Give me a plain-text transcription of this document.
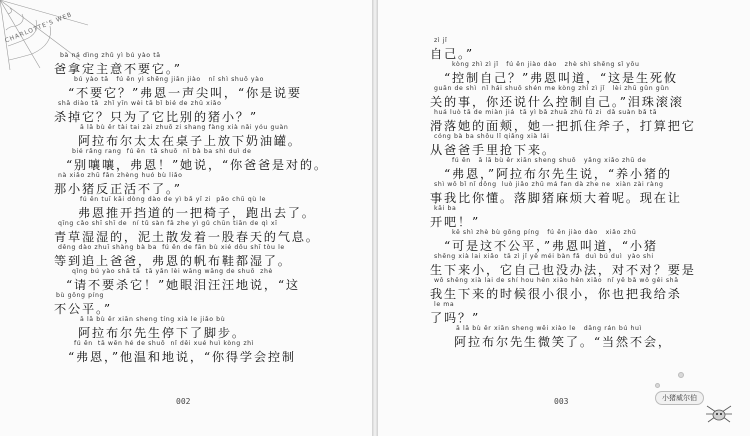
CHARLOTTE'S WEB
bà ná dìng zhǔ yì bú yào tā
爸拿定主意不要它。”
bú yào tā   fú ēn yì shēng jiān jiào   nǐ shì shuō yào
“不要它？”弗恩一声尖叫，“你是说要
shā diào tā  zhǐ yīn wèi tā bǐ bié de zhū xiǎo
杀掉它？只为了它比别的猪小？”
ā lā bù ěr tài tai zài zhuō zi shang fàng xià nǎi yóu guàn
阿拉布尔太太在桌子上放下奶油罐。
bié rǎng rang  fú ēn  tā shuō  nǐ bà ba shì duì de
“别嚷嚷，弗恩！”她说，“你爸爸是对的。
nà xiǎo zhū fǎn zhèng huó bù liǎo
那小猪反正活不了。”
fú ēn tuī kāi dòng dào de yì bǎ yǐ zi  pǎo chū qù le
弗恩推开挡道的一把椅子，跑出去了。
qīng cǎo shī shī de  ní tǔ sàn fā zhe yì gǔ chūn tiān de qì xī
青草湿湿的，泥土散发着一股春天的气息。
děng dào zhuī shàng bà ba  fú ēn de fān bù xié dōu shī tòu le
等到追上爸爸，弗恩的帆布鞋都湿了。
qǐng bú yào shā tā  tā yǎn lèi wāng wāng de shuō  zhè
“请不要杀它！”她眼泪汪汪地说，“这
bù gōng píng
不公平。”
ā lā bù ěr xiān sheng tíng xià le jiǎo bù
阿拉布尔先生停下了脚步。
fú ēn  tā wēn hé de shuō  nǐ děi xué huì kòng zhì
“弗恩，”他温和地说，“你得学会控制
002
zì jǐ
自己。”
kòng zhì zì jǐ   fú ēn jiào dào   zhè shì shēng sǐ yōu
“控制自己？”弗恩叫道，“这是生死攸
guān de shì  nǐ hái shuō shén me kòng zhì zì jǐ   lèi zhū gǔn gǔn
关的事，你还说什么控制自己。”泪珠滚滚
huá luò tā de miàn jiá  tā yì bǎ zhuā zhù fǔ zi  dǎ suàn bǎ tā
滑落她的面颊，她一把抓住斧子，打算把它
cóng bà ba shǒu lǐ qiǎng xià lái
从爸爸手里抢下来。
fú ēn   ā lā bù ěr xiān sheng shuō   yǎng xiǎo zhū de
“弗恩，”阿拉布尔先生说，“养小猪的
shì wǒ bǐ nǐ dǒng  luò jiǎo zhū má fan dà zhe ne  xiàn zài ràng
事我比你懂。落脚猪麻烦大着呢。现在让
kāi ba
开吧！”
kě shì zhè bù gōng píng   fú ēn jiào dào   xiǎo zhū
“可是这不公平，”弗恩叫道，“小猪
shēng xià lai xiǎo  tā zì jǐ yě méi bàn fǎ  duì bú duì  yào shi
生下来小，它自己也没办法，对不对？要是
wǒ shēng xià lai de shí hou hěn xiǎo hěn xiǎo  nǐ yě bǎ wǒ gěi shā
我生下来的时候很小很小，你也把我给杀
le ma
了吗？”
ā lā bù ěr xiān sheng wēi xiào le   dāng rán bú huì
阿拉布尔先生微笑了。“当然不会，
003	小猪威尔伯
